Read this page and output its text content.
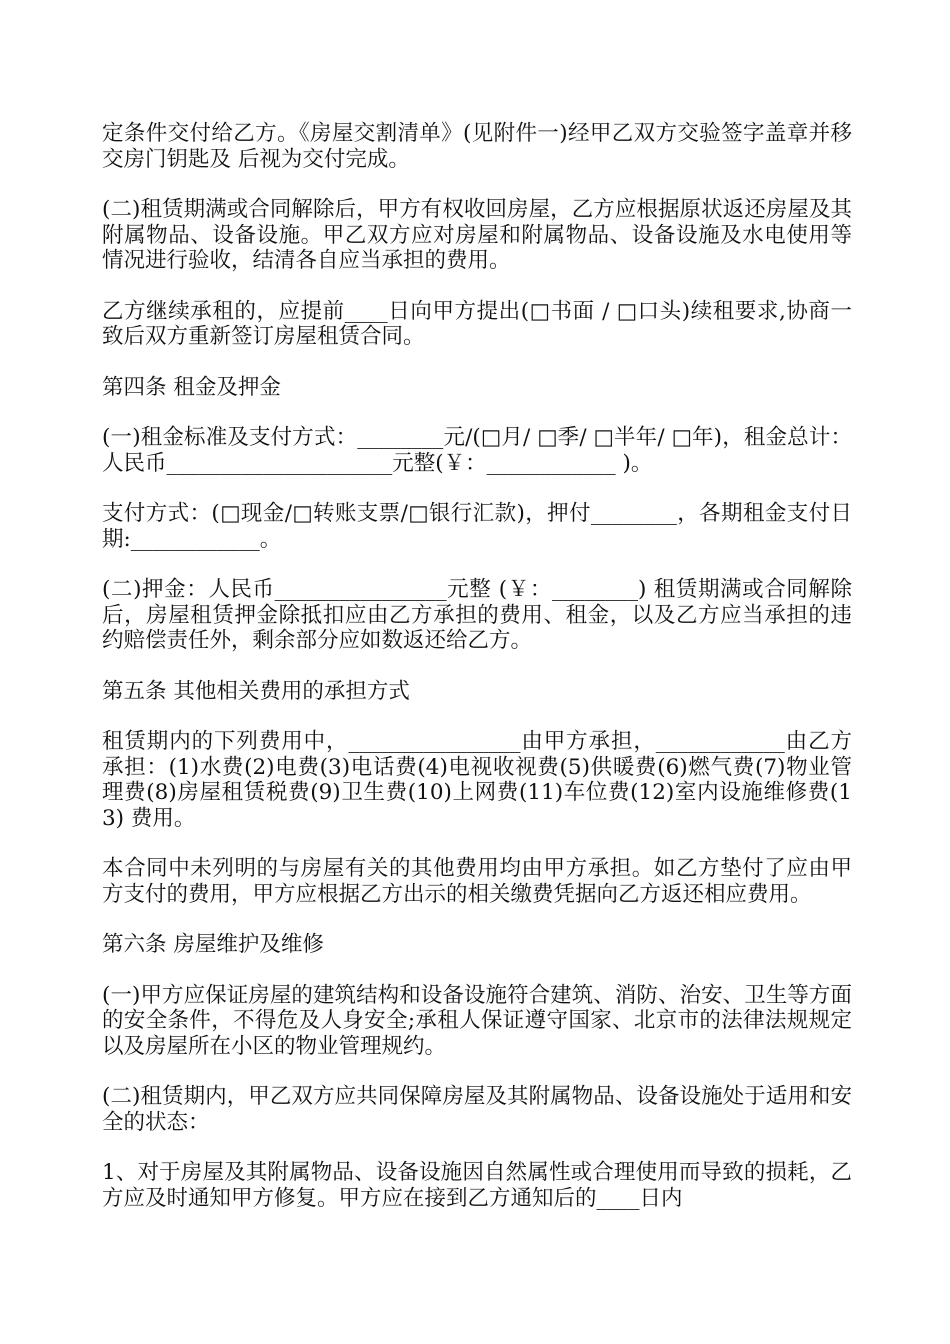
定条件交付给乙方。《房屋交割清单》(见附件一)经甲乙双方交验签字盖章并移交房门钥匙及 后视为交付完成。

(二)租赁期满或合同解除后，甲方有权收回房屋，乙方应根据原状返还房屋及其附属物品、设备设施。甲乙双方应对房屋和附属物品、设备设施及水电使用等情况进行验收，结清各自应当承担的费用。

乙方继续承租的，应提前____日向甲方提出(□书面 / □口头)续租要求,协商一致后双方重新签订房屋租赁合同。

第四条 租金及押金

(一)租金标准及支付方式：________元/(□月/ □季/ □半年/ □年)，租金总计：人民币_____________________元整(￥：____________ )。

支付方式：(□现金/□转账支票/□银行汇款)，押付________，各期租金支付日期:____________。

(二)押金：人民币________________元整 (￥：________) 租赁期满或合同解除后，房屋租赁押金除抵扣应由乙方承担的费用、租金，以及乙方应当承担的违约赔偿责任外，剩余部分应如数返还给乙方。

第五条 其他相关费用的承担方式

租赁期内的下列费用中，________________由甲方承担，____________由乙方承担：(1)水费(2)电费(3)电话费(4)电视收视费(5)供暖费(6)燃气费(7)物业管理费(8)房屋租赁税费(9)卫生费(10)上网费(11)车位费(12)室内设施维修费(13) 费用。

本合同中未列明的与房屋有关的其他费用均由甲方承担。如乙方垫付了应由甲方支付的费用，甲方应根据乙方出示的相关缴费凭据向乙方返还相应费用。

第六条 房屋维护及维修

(一)甲方应保证房屋的建筑结构和设备设施符合建筑、消防、治安、卫生等方面的安全条件，不得危及人身安全;承租人保证遵守国家、北京市的法律法规规定以及房屋所在小区的物业管理规约。

(二)租赁期内，甲乙双方应共同保障房屋及其附属物品、设备设施处于适用和安全的状态：

1、对于房屋及其附属物品、设备设施因自然属性或合理使用而导致的损耗，乙方应及时通知甲方修复。甲方应在接到乙方通知后的____日内
